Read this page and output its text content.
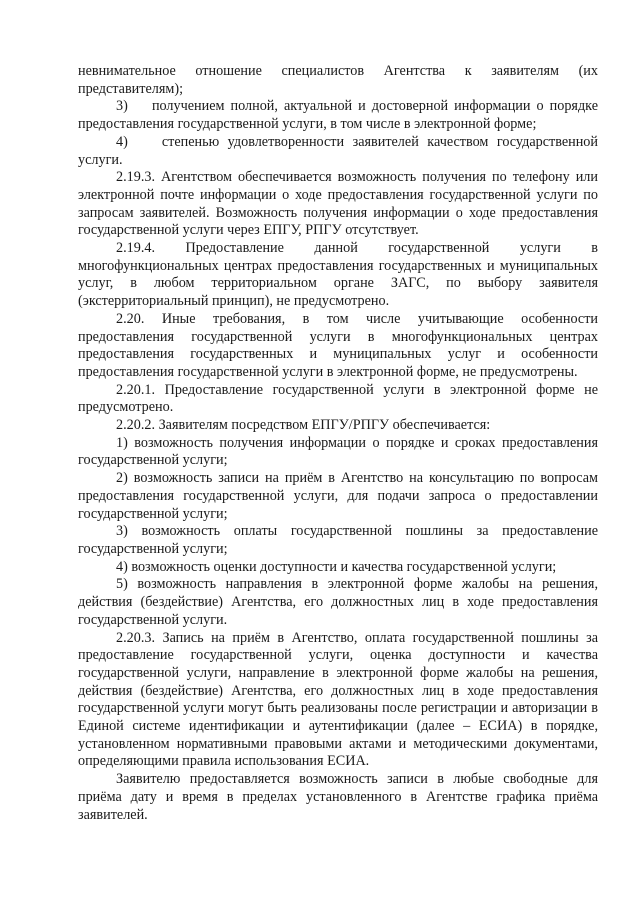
невнимательное отношение специалистов Агентства к заявителям (их представителям);

3)    получением полной, актуальной и достоверной информации о порядке предоставления государственной услуги, в том числе в электронной форме;

4)    степенью удовлетворенности заявителей качеством государственной услуги.

2.19.3. Агентством обеспечивается возможность получения по телефону или электронной почте информации о ходе предоставления государственной услуги по запросам заявителей. Возможность получения информации о ходе предоставления государственной услуги через ЕПГУ, РПГУ отсутствует.

2.19.4. Предоставление данной государственной услуги в многофункциональных центрах предоставления государственных и муниципальных услуг, в любом территориальном органе ЗАГС, по выбору заявителя (экстерриториальный принцип), не предусмотрено.

2.20. Иные требования, в том числе учитывающие особенности предоставления государственной услуги в многофункциональных центрах предоставления государственных и муниципальных услуг и особенности предоставления государственной услуги в электронной форме, не предусмотрены.

2.20.1. Предоставление государственной услуги в электронной форме не предусмотрено.

2.20.2. Заявителям посредством ЕПГУ/РПГУ обеспечивается:

1) возможность получения информации о порядке и сроках предоставления государственной услуги;

2) возможность записи на приём в Агентство на консультацию по вопросам предоставления государственной услуги, для подачи запроса о предоставлении государственной услуги;

3) возможность оплаты государственной пошлины за предоставление государственной услуги;

4) возможность оценки доступности и качества государственной услуги;

5) возможность направления в электронной форме жалобы на решения, действия (бездействие) Агентства, его должностных лиц в ходе предоставления государственной услуги.

2.20.3. Запись на приём в Агентство, оплата государственной пошлины за предоставление государственной услуги, оценка доступности и качества государственной услуги, направление в электронной форме жалобы на решения, действия (бездействие) Агентства, его должностных лиц в ходе предоставления государственной услуги могут быть реализованы после регистрации и авторизации в Единой системе идентификации и аутентификации (далее – ЕСИА) в порядке, установленном нормативными правовыми актами и методическими документами, определяющими правила использования ЕСИА.

Заявителю предоставляется возможность записи в любые свободные для приёма дату и время в пределах установленного в Агентстве графика приёма заявителей.
